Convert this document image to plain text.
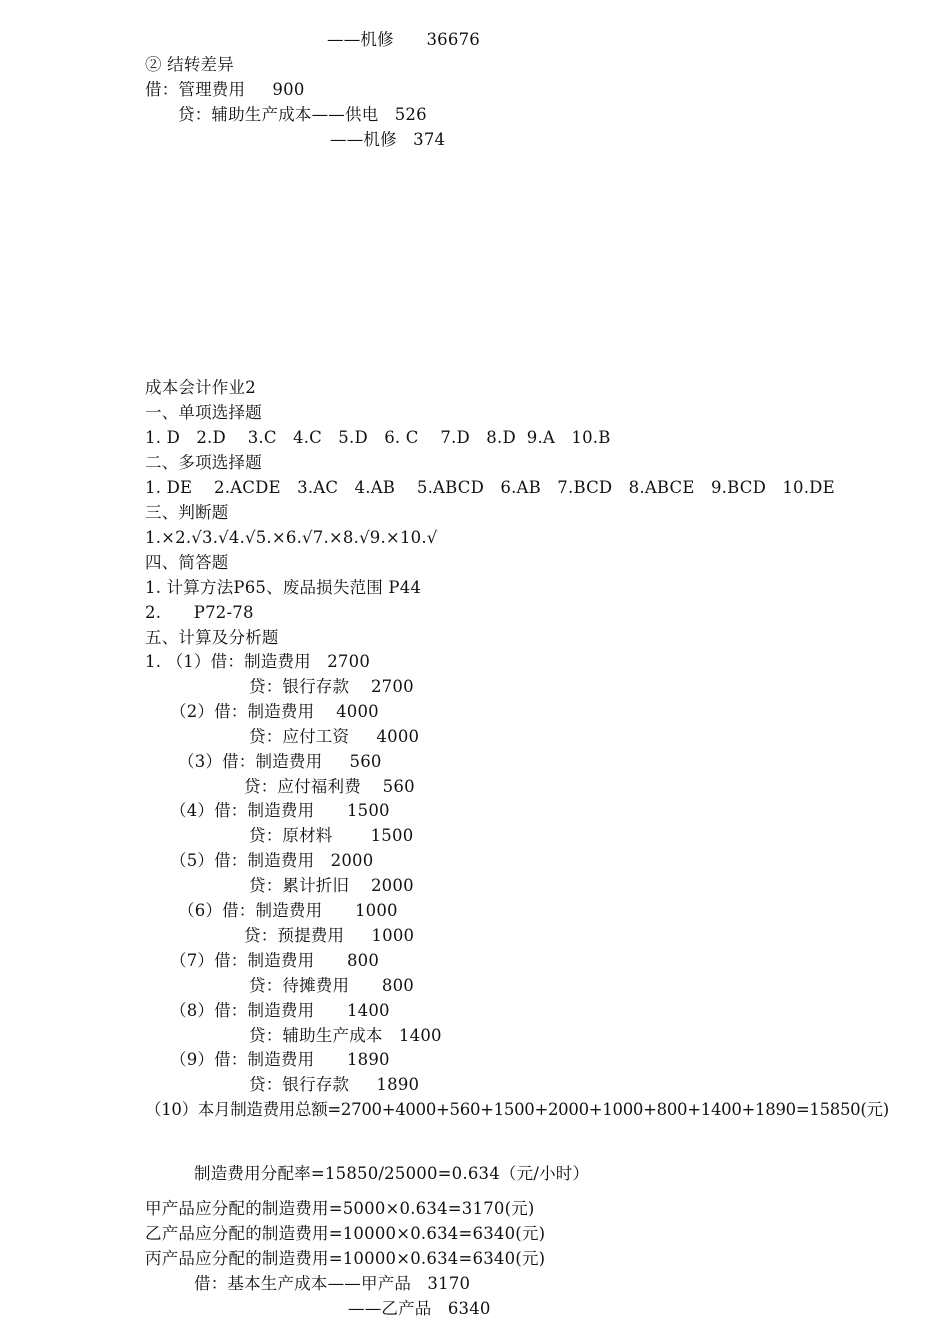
——机修      36676
② 结转差异
借：管理费用     900
贷：辅助生产成本——供电   526
——机修   374
成本会计作业2
一、单项选择题
1. D   2.D    3.C   4.C   5.D   6. C    7.D   8.D  9.A   10.B
二、多项选择题
1. DE    2.ACDE   3.AC   4.AB    5.ABCD   6.AB   7.BCD   8.ABCE   9.BCD   10.DE
三、判断题
1.×2.√3.√4.√5.×6.√7.×8.√9.×10.√
四、简答题
1. 计算方法P65、废品损失范围 P44
2.      P72-78
五、计算及分析题
1. （1）借：制造费用   2700
贷：银行存款    2700
（2）借：制造费用    4000
贷：应付工资     4000
（3）借：制造费用     560
贷：应付福利费    560
（4）借：制造费用      1500
贷：原材料       1500
（5）借：制造费用   2000
贷：累计折旧    2000
（6）借：制造费用      1000
贷：预提费用     1000
（7）借：制造费用      800
贷：待摊费用      800
（8）借：制造费用      1400
贷：辅助生产成本   1400
（9）借：制造费用      1890
贷：银行存款     1890
（10）本月制造费用总额=2700+4000+560+1500+2000+1000+800+1400+1890=15850(元)
制造费用分配率=15850/25000=0.634（元/小时）
甲产品应分配的制造费用=5000×0.634=3170(元)
乙产品应分配的制造费用=10000×0.634=6340(元)
丙产品应分配的制造费用=10000×0.634=6340(元)
借：基本生产成本——甲产品   3170
——乙产品   6340
